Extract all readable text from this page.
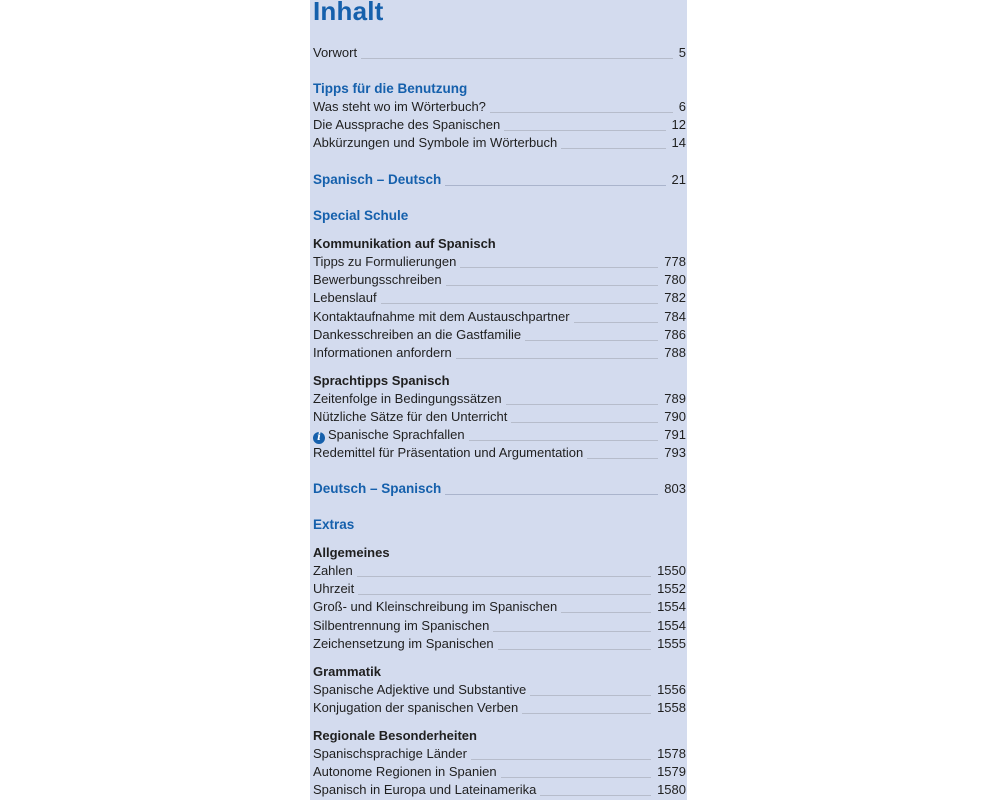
Inhalt
Vorwort	5
Tipps für die Benutzung
Was steht wo im Wörterbuch?	6
Die Aussprache des Spanischen	12
Abkürzungen und Symbole im Wörterbuch	14
Spanisch – Deutsch	21
Special Schule
Kommunikation auf Spanisch
Tipps zu Formulierungen	778
Bewerbungsschreiben	780
Lebenslauf	782
Kontaktaufnahme mit dem Austauschpartner	784
Dankesschreiben an die Gastfamilie	786
Informationen anfordern	788
Sprachtipps Spanisch
Zeitenfolge in Bedingungssätzen	789
Nützliche Sätze für den Unterricht	790
i Spanische Sprachfallen	791
Redemittel für Präsentation und Argumentation	793
Deutsch – Spanisch	803
Extras
Allgemeines
Zahlen	1550
Uhrzeit	1552
Groß- und Kleinschreibung im Spanischen	1554
Silbentrennung im Spanischen	1554
Zeichensetzung im Spanischen	1555
Grammatik
Spanische Adjektive und Substantive	1556
Konjugation der spanischen Verben	1558
Regionale Besonderheiten
Spanischsprachige Länder	1578
Autonome Regionen in Spanien	1579
Spanisch in Europa und Lateinamerika	1580
